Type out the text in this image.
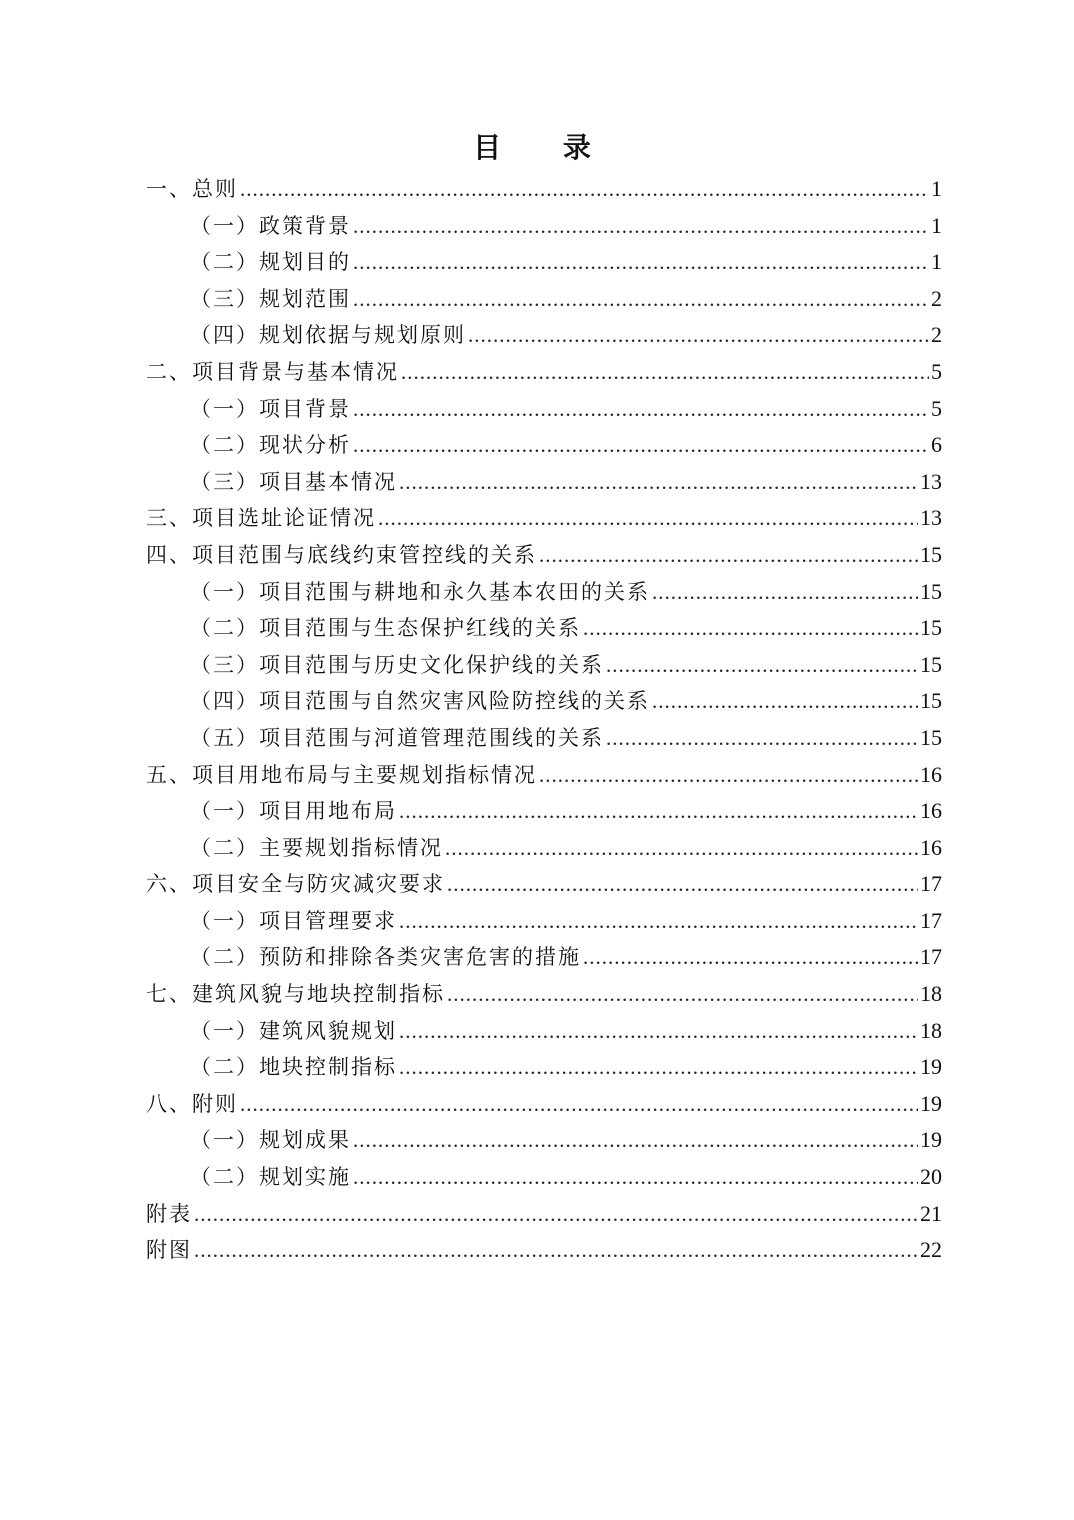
目 录
一、总则 .....	1
（一）政策背景 .....	1
（二）规划目的 .....	1
（三）规划范围 .....	2
（四）规划依据与规划原则 .....	2
二、项目背景与基本情况 .....	5
（一）项目背景 .....	5
（二）现状分析 .....	6
（三）项目基本情况 .....	13
三、项目选址论证情况 .....	13
四、项目范围与底线约束管控线的关系 .....	15
（一）项目范围与耕地和永久基本农田的关系 .....	15
（二）项目范围与生态保护红线的关系 .....	15
（三）项目范围与历史文化保护线的关系 .....	15
（四）项目范围与自然灾害风险防控线的关系 .....	15
（五）项目范围与河道管理范围线的关系 .....	15
五、项目用地布局与主要规划指标情况 .....	16
（一）项目用地布局 .....	16
（二）主要规划指标情况 .....	16
六、项目安全与防灾减灾要求 .....	17
（一）项目管理要求 .....	17
（二）预防和排除各类灾害危害的措施 .....	17
七、建筑风貌与地块控制指标 .....	18
（一）建筑风貌规划 .....	18
（二）地块控制指标 .....	19
八、附则 .....	19
（一）规划成果 .....	19
（二）规划实施 .....	20
附表 .....	21
附图 .....	22
